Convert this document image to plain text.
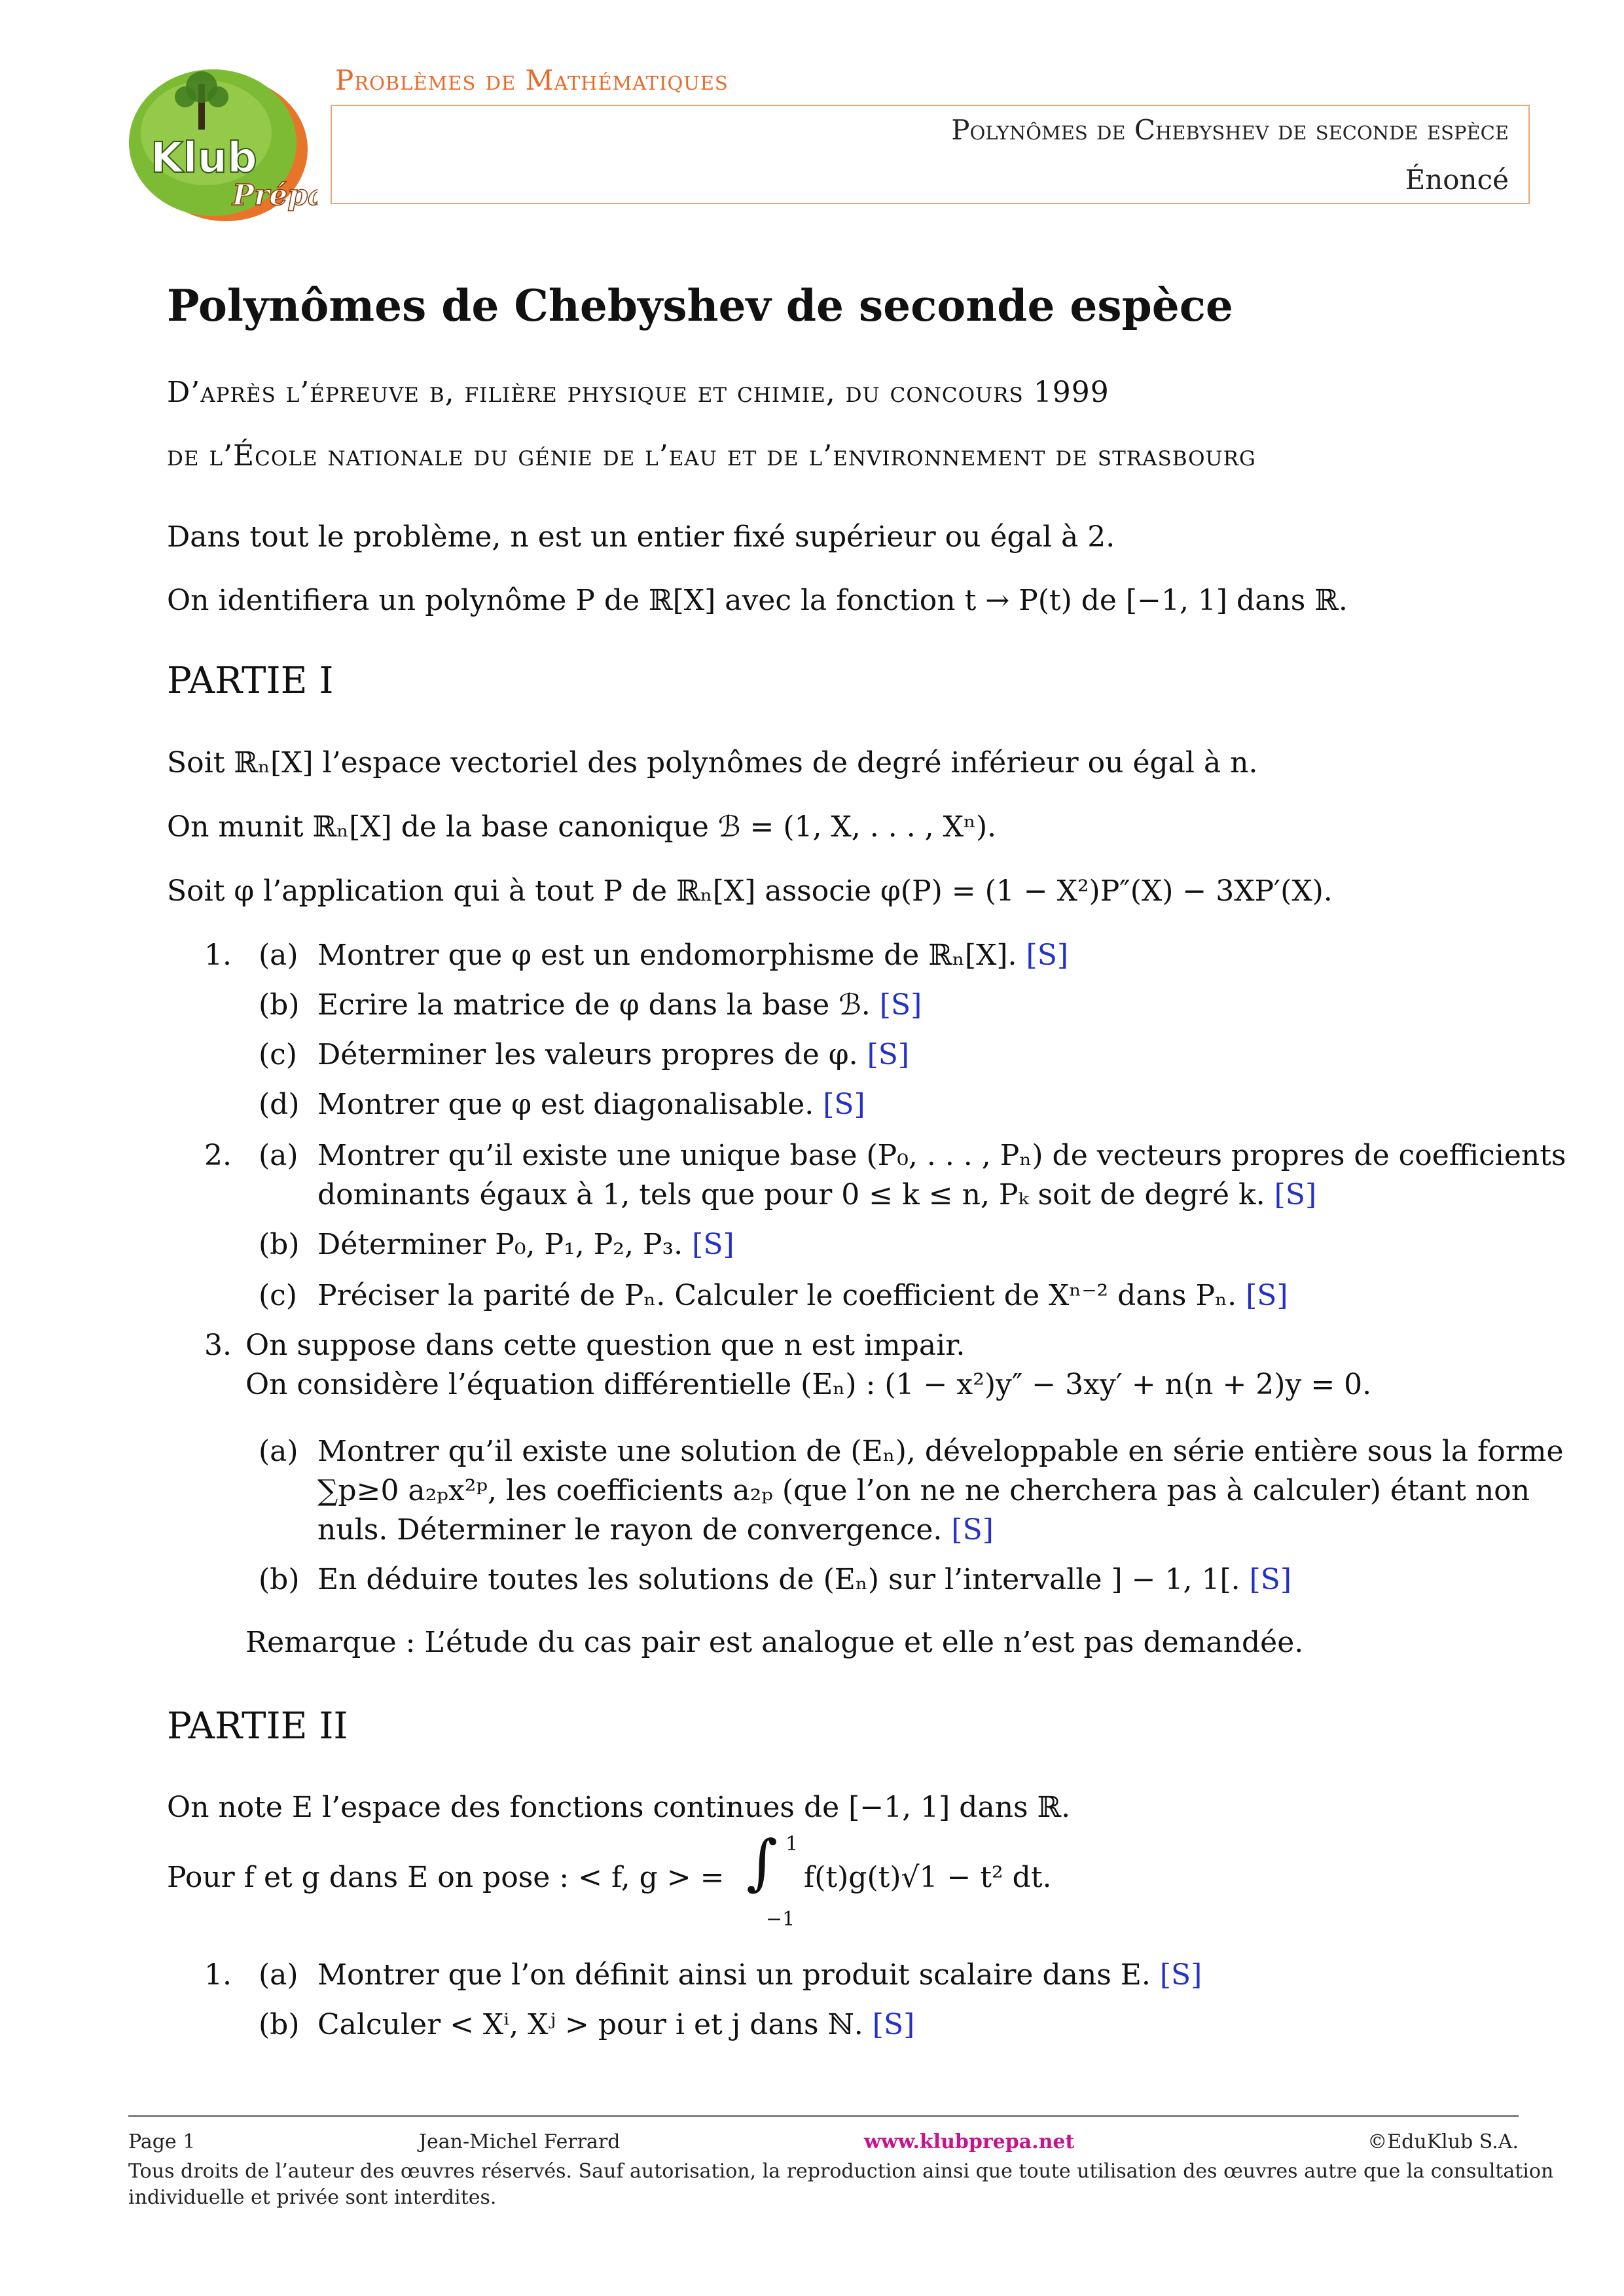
Klub
Prépa
Problèmes de Mathématiques
Polynômes de Chebyshev de seconde espèce
Énoncé
Polynômes de Chebyshev de seconde espèce
D’après l’épreuve b, filière physique et chimie, du concours 1999
de l’École nationale du génie de l’eau et de l’environnement de strasbourg
Dans tout le problème, n est un entier fixé supérieur ou égal à 2.
On identifiera un polynôme P de ℝ[X] avec la fonction t → P(t) de [−1, 1] dans ℝ.
PARTIE I
Soit ℝₙ[X] l’espace vectoriel des polynômes de degré inférieur ou égal à n.
On munit ℝₙ[X] de la base canonique ℬ = (1, X, . . . , Xⁿ).
Soit φ l’application qui à tout P de ℝₙ[X] associe φ(P) = (1 − X²)P″(X) − 3XP′(X).
1. (a) Montrer que φ est un endomorphisme de ℝₙ[X]. [S]
(b) Ecrire la matrice de φ dans la base ℬ. [S]
(c) Déterminer les valeurs propres de φ. [S]
(d) Montrer que φ est diagonalisable. [S]
2. (a) Montrer qu’il existe une unique base (P₀, . . . , Pₙ) de vecteurs propres de coefficients
dominants égaux à 1, tels que pour 0 ≤ k ≤ n, Pₖ soit de degré k. [S]
(b) Déterminer P₀, P₁, P₂, P₃. [S]
(c) Préciser la parité de Pₙ. Calculer le coefficient de Xⁿ⁻² dans Pₙ. [S]
3. On suppose dans cette question que n est impair.
On considère l’équation différentielle (Eₙ) : (1 − x²)y″ − 3xy′ + n(n + 2)y = 0.
(a) Montrer qu’il existe une solution de (Eₙ), développable en série entière sous la forme
∑p≥0 a₂ₚx²ᵖ, les coefficients a₂ₚ (que l’on ne ne cherchera pas à calculer) étant non
nuls. Déterminer le rayon de convergence. [S]
(b) En déduire toutes les solutions de (Eₙ) sur l’intervalle ] − 1, 1[. [S]
Remarque : L’étude du cas pair est analogue et elle n’est pas demandée.
PARTIE II
On note E l’espace des fonctions continues de [−1, 1] dans ℝ.
Pour f et g dans E on pose : < f, g > = ∫ 1
−1
f(t)g(t)√1 − t² dt.
1. (a) Montrer que l’on définit ainsi un produit scalaire dans E. [S]
(b) Calculer < Xⁱ, Xʲ > pour i et j dans ℕ. [S]
Page 1	Jean-Michel Ferrard	www.klubprepa.net	©EduKlub S.A.
Tous droits de l’auteur des œuvres réservés. Sauf autorisation, la reproduction ainsi que toute utilisation des œuvres autre que la consultation
individuelle et privée sont interdites.
